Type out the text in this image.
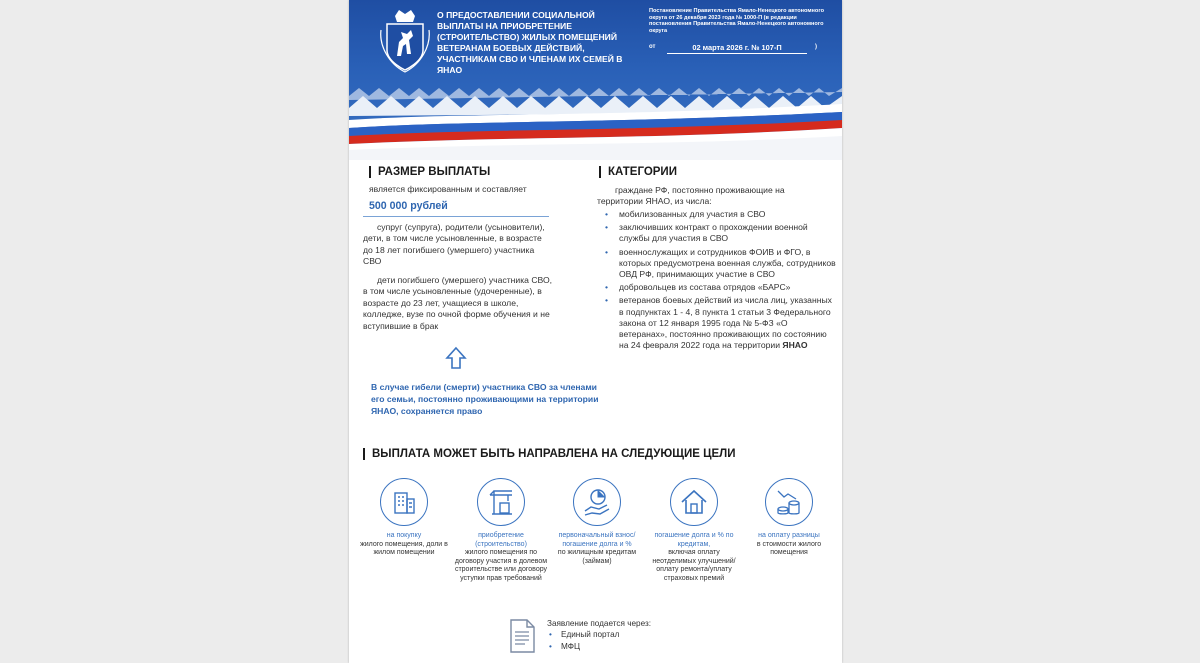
О ПРЕДОСТАВЛЕНИИ СОЦИАЛЬНОЙ ВЫПЛАТЫ НА ПРИОБРЕТЕНИЕ (СТРОИТЕЛЬСТВО) ЖИЛЫХ ПОМЕЩЕНИЙ ВЕТЕРАНАМ БОЕВЫХ ДЕЙСТВИЙ, УЧАСТНИКАМ СВО И ЧЛЕНАМ ИХ СЕМЕЙ В ЯНАО
Постановление Правительства Ямало-Ненецкого автономного округа от 26 декабря 2023 года № 1000-П (в редакции постановления Правительства Ямало-Ненецкого автономного округа
от	02 марта 2026 г. № 107-П	)
РАЗМЕР ВЫПЛАТЫ
является фиксированным и составляет
500 000 рублей
супруг (супруга), родители (усыновители), дети, в том числе усыновленные, в возрасте до 18 лет погибшего (умершего) участника СВО
дети погибшего (умершего) участника СВО, в том числе усыновленные (удочеренные), в возрасте до 23 лет, учащиеся в школе, колледже, вузе по очной форме обучения и не вступившие в брак
В случае гибели (смерти) участника СВО за членами его семьи, постоянно проживающими на территории ЯНАО, сохраняется право
КАТЕГОРИИ
граждане РФ, постоянно проживающие на территории ЯНАО, из числа:
• мобилизованных для участия в СВО
• заключивших контракт о прохождении военной службы для участия в СВО
• военнослужащих и сотрудников ФОИВ и ФГО, в которых предусмотрена военная служба, сотрудников ОВД РФ, принимающих участие в СВО
• добровольцев из состава отрядов «БАРС»
• ветеранов боевых действий из числа лиц, указанных в подпунктах 1 - 4, 8 пункта 1 статьи 3 Федерального закона от 12 января 1995 года № 5-ФЗ «О ветеранах», постоянно проживающих по состоянию на 24 февраля 2022 года на территории ЯНАО
ВЫПЛАТА МОЖЕТ БЫТЬ НАПРАВЛЕНА НА СЛЕДУЮЩИЕ ЦЕЛИ
на покупку
жилого помещения, доли в жилом помещении
приобретение (строительство)
жилого помещения по договору участия в долевом строительстве или договору уступки прав требований
первоначальный взнос/погашение долга и %
по жилищным кредитам (займам)
погашение долга и % по кредитам,
включая оплату неотделимых улучшений/оплату ремонта/уплату страховых премий
на оплату разницы
в стоимости жилого помещения
Заявление подается через:
• Единый портал
• МФЦ
